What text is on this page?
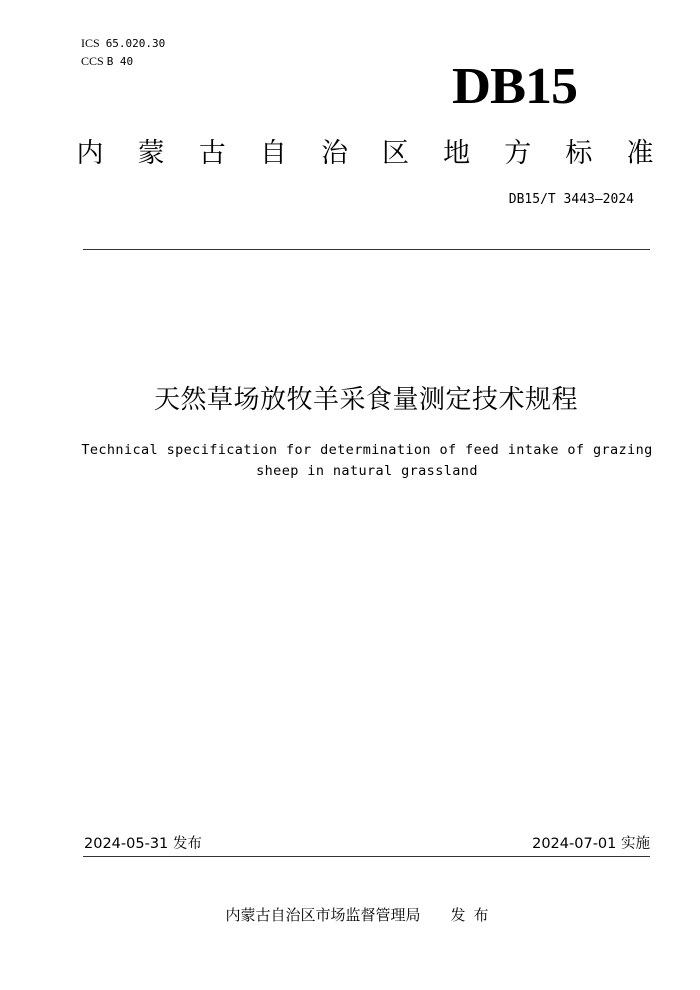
ICS 65.020.30
CCS B 40	DB15
内 蒙 古 自 治 区 地 方 标 准
DB15/T 3443—2024
天然草场放牧羊采食量测定技术规程
Technical specification for determination of feed intake of grazing
sheep in natural grassland
2024-05-31 发布	2024-07-01 实施
内蒙古自治区市场监督管理局 发布
